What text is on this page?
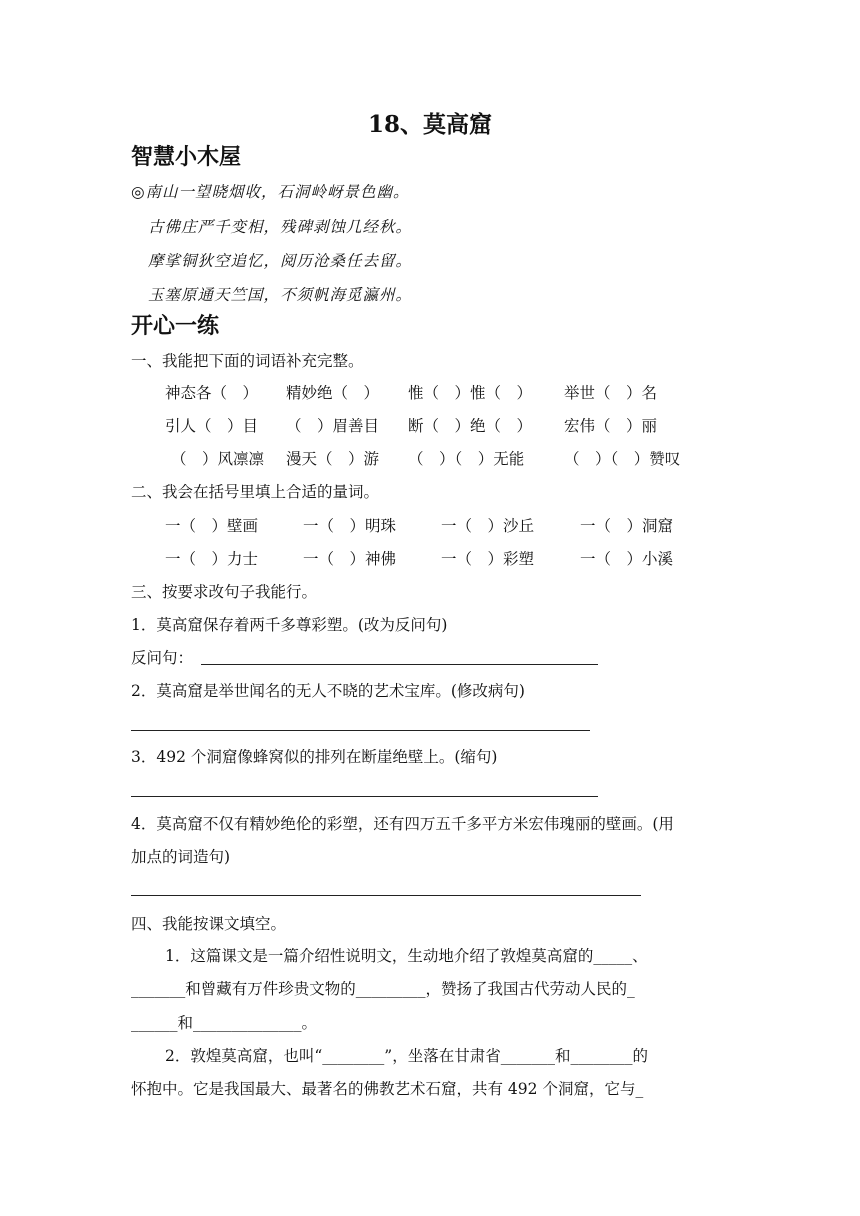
18、莫高窟
智慧小木屋
◎南山一望晓烟收，石洞岭岈景色幽。
古佛庄严千变相，残碑剥蚀几经秋。
摩挲铜狄空追忆，阅历沧桑任去留。
玉塞原通天竺国，不须帆海觅瀛州。
开心一练
一、我能把下面的词语补充完整。
神态各（　） 精妙绝（　） 惟（　）惟（　） 举世（　）名
引人（　）目 （　）眉善目 断（　）绝（　） 宏伟（　）丽
（　）风凛凛 漫天（　）游 （　）（　）无能	（　）（　）赞叹
二、我会在括号里填上合适的量词。
一（　）壁画	一（　）明珠	一（　）沙丘	一（　）洞窟
一（　）力士	一（　）神佛	一（　）彩塑	一（　）小溪
三、按要求改句子我能行。
1．莫高窟保存着两千多尊彩塑。(改为反问句)
反问句：
2．莫高窟是举世闻名的无人不晓的艺术宝库。(修改病句)
3．492 个洞窟像蜂窝似的排列在断崖绝壁上。(缩句)
4．莫高窟不仅有精妙绝伦的彩塑，还有四万五千多平方米宏伟瑰丽的壁画。(用
加点的词造句)
四、我能按课文填空。
1．这篇课文是一篇介绍性说明文，生动地介绍了敦煌莫高窟的_____、
_______和曾藏有万件珍贵文物的_________，赞扬了我国古代劳动人民的_
______和______________。
2．敦煌莫高窟，也叫“________”，坐落在甘肃省_______和________的
怀抱中。它是我国最大、最著名的佛教艺术石窟，共有 492 个洞窟，它与_
